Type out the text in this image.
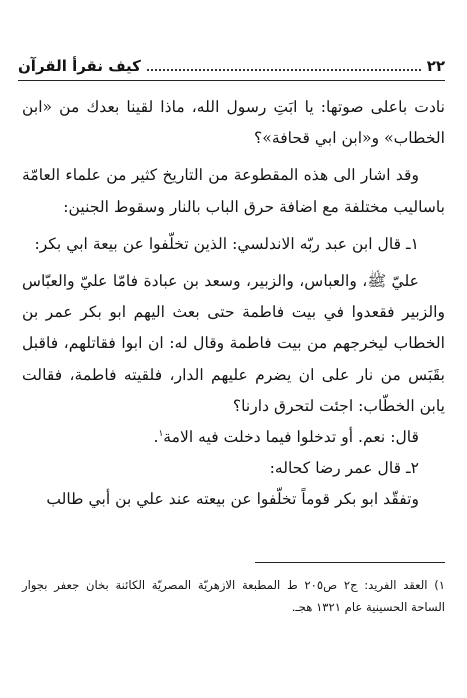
٢٢
كيف نقرأ القرآن

نادت باعلى صوتها: يا ابَتِ رسول الله، ماذا لقينا بعدك من «ابن الخطاب» و«ابن ابي قحافة»؟

وقد اشار الى هذه المقطوعة من التاريخ كثير من علماء العامّة باساليب مختلفة مع اضافة حرق الباب بالنار وسقوط الجنين:

١ـ قال ابن عبد ربّه الاندلسي: الذين تخلّفوا عن بيعة ابي بكر:

عليّ ﷺ، والعباس، والزبير، وسعد بن عبادة فامّا عليّ والعبّاس والزبير فقعدوا في بيت فاطمة حتى بعث اليهم ابو بكر عمر بن الخطاب ليخرجهم من بيت فاطمة وقال له: ان ابوا فقاتلهم، فاقبل بقَبَس من نار على ان يضرم عليهم الدار، فلقيته فاطمة، فقالت يابن الخطّاب: اجئت لتحرق دارنا؟

قال: نعم. أو تدخلوا فيما دخلت فيه الامة$^١$.

٢ـ قال عمر رضا كحاله:

وتفقّد ابو بكر قوماً تخلّفوا عن بيعته عند علي بن أبي طالب

١) العقد الفريد: ج٢ ص٢٠٥ ط المطبعة الازهريّة المصريّة الكائنة بخان جعفر بجوار الساحة الحسينية عام ١٣٢١ هجـ.
